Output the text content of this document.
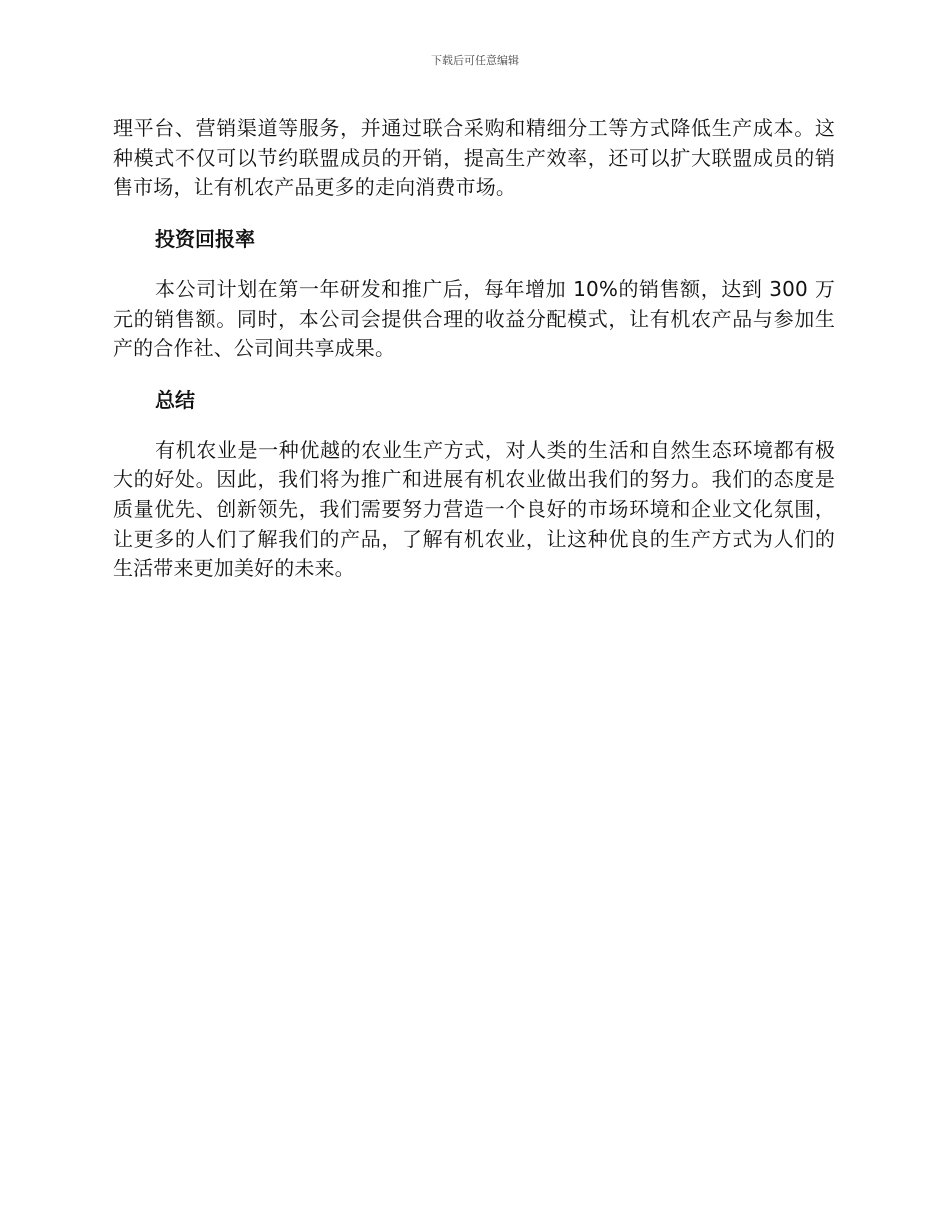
下载后可任意编辑

理平台、营销渠道等服务，并通过联合采购和精细分工等方式降低生产成本。这种模式不仅可以节约联盟成员的开销，提高生产效率，还可以扩大联盟成员的销售市场，让有机农产品更多的走向消费市场。

投资回报率

本公司计划在第一年研发和推广后，每年增加 10%的销售额，达到 300 万元的销售额。同时，本公司会提供合理的收益分配模式，让有机农产品与参加生产的合作社、公司间共享成果。

总结

有机农业是一种优越的农业生产方式，对人类的生活和自然生态环境都有极大的好处。因此，我们将为推广和进展有机农业做出我们的努力。我们的态度是质量优先、创新领先，我们需要努力营造一个良好的市场环境和企业文化氛围，让更多的人们了解我们的产品，了解有机农业，让这种优良的生产方式为人们的生活带来更加美好的未来。
